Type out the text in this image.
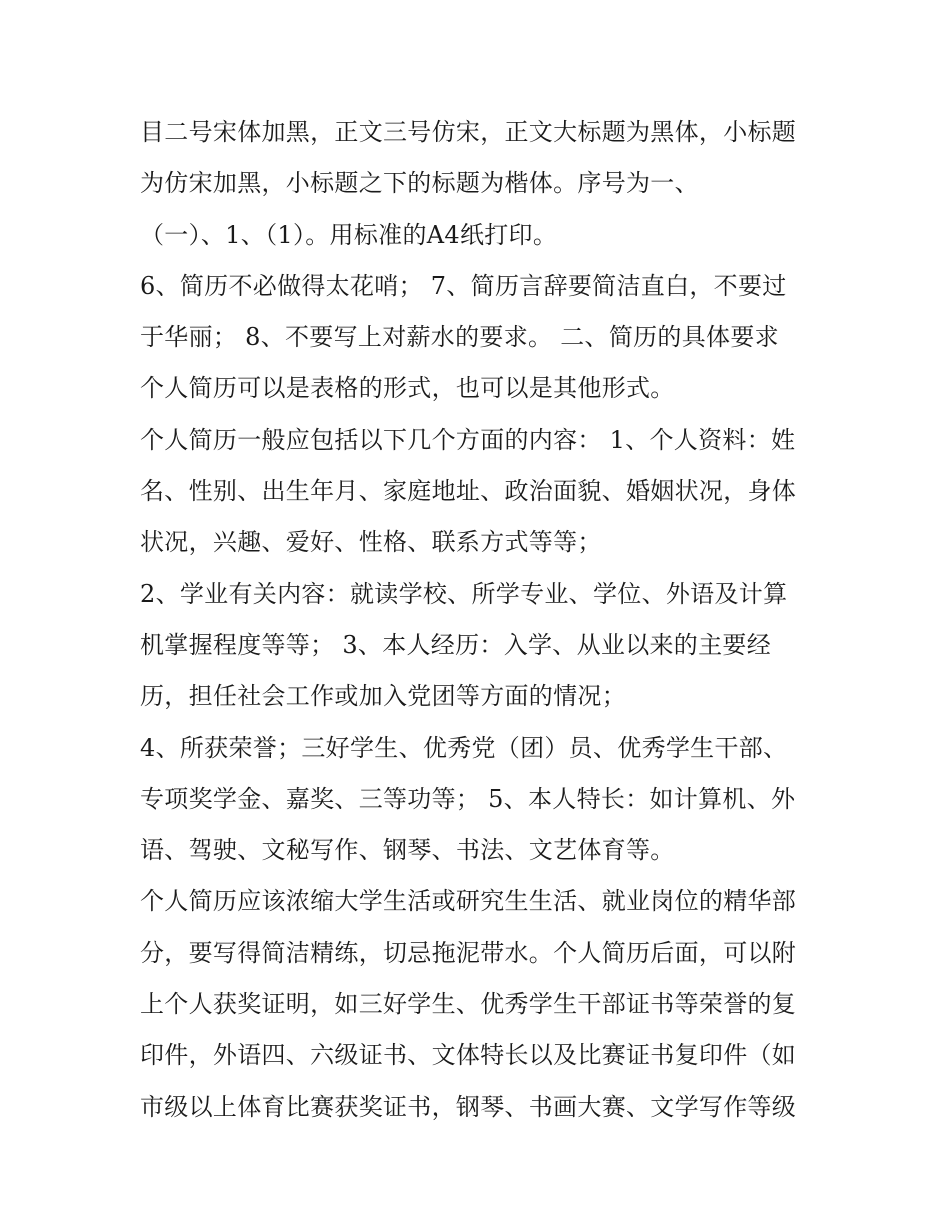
目二号宋体加黑，正文三号仿宋，正文大标题为黑体，小标题
为仿宋加黑，小标题之下的标题为楷体。序号为一、
（一）、1、（1）。用标准的A4纸打印。
6、简历不必做得太花哨； 7、简历言辞要简洁直白，不要过
于华丽； 8、不要写上对薪水的要求。 二、简历的具体要求
个人简历可以是表格的形式，也可以是其他形式。
个人简历一般应包括以下几个方面的内容： 1、个人资料：姓
名、性别、出生年月、家庭地址、政治面貌、婚姻状况，身体
状况，兴趣、爱好、性格、联系方式等等；
2、学业有关内容：就读学校、所学专业、学位、外语及计算
机掌握程度等等； 3、本人经历：入学、从业以来的主要经
历，担任社会工作或加入党团等方面的情况；
4、所获荣誉；三好学生、优秀党（团）员、优秀学生干部、
专项奖学金、嘉奖、三等功等； 5、本人特长：如计算机、外
语、驾驶、文秘写作、钢琴、书法、文艺体育等。
个人简历应该浓缩大学生活或研究生生活、就业岗位的精华部
分，要写得简洁精练，切忌拖泥带水。个人简历后面，可以附
上个人获奖证明，如三好学生、优秀学生干部证书等荣誉的复
印件，外语四、六级证书、文体特长以及比赛证书复印件（如
市级以上体育比赛获奖证书，钢琴、书画大赛、文学写作等级
